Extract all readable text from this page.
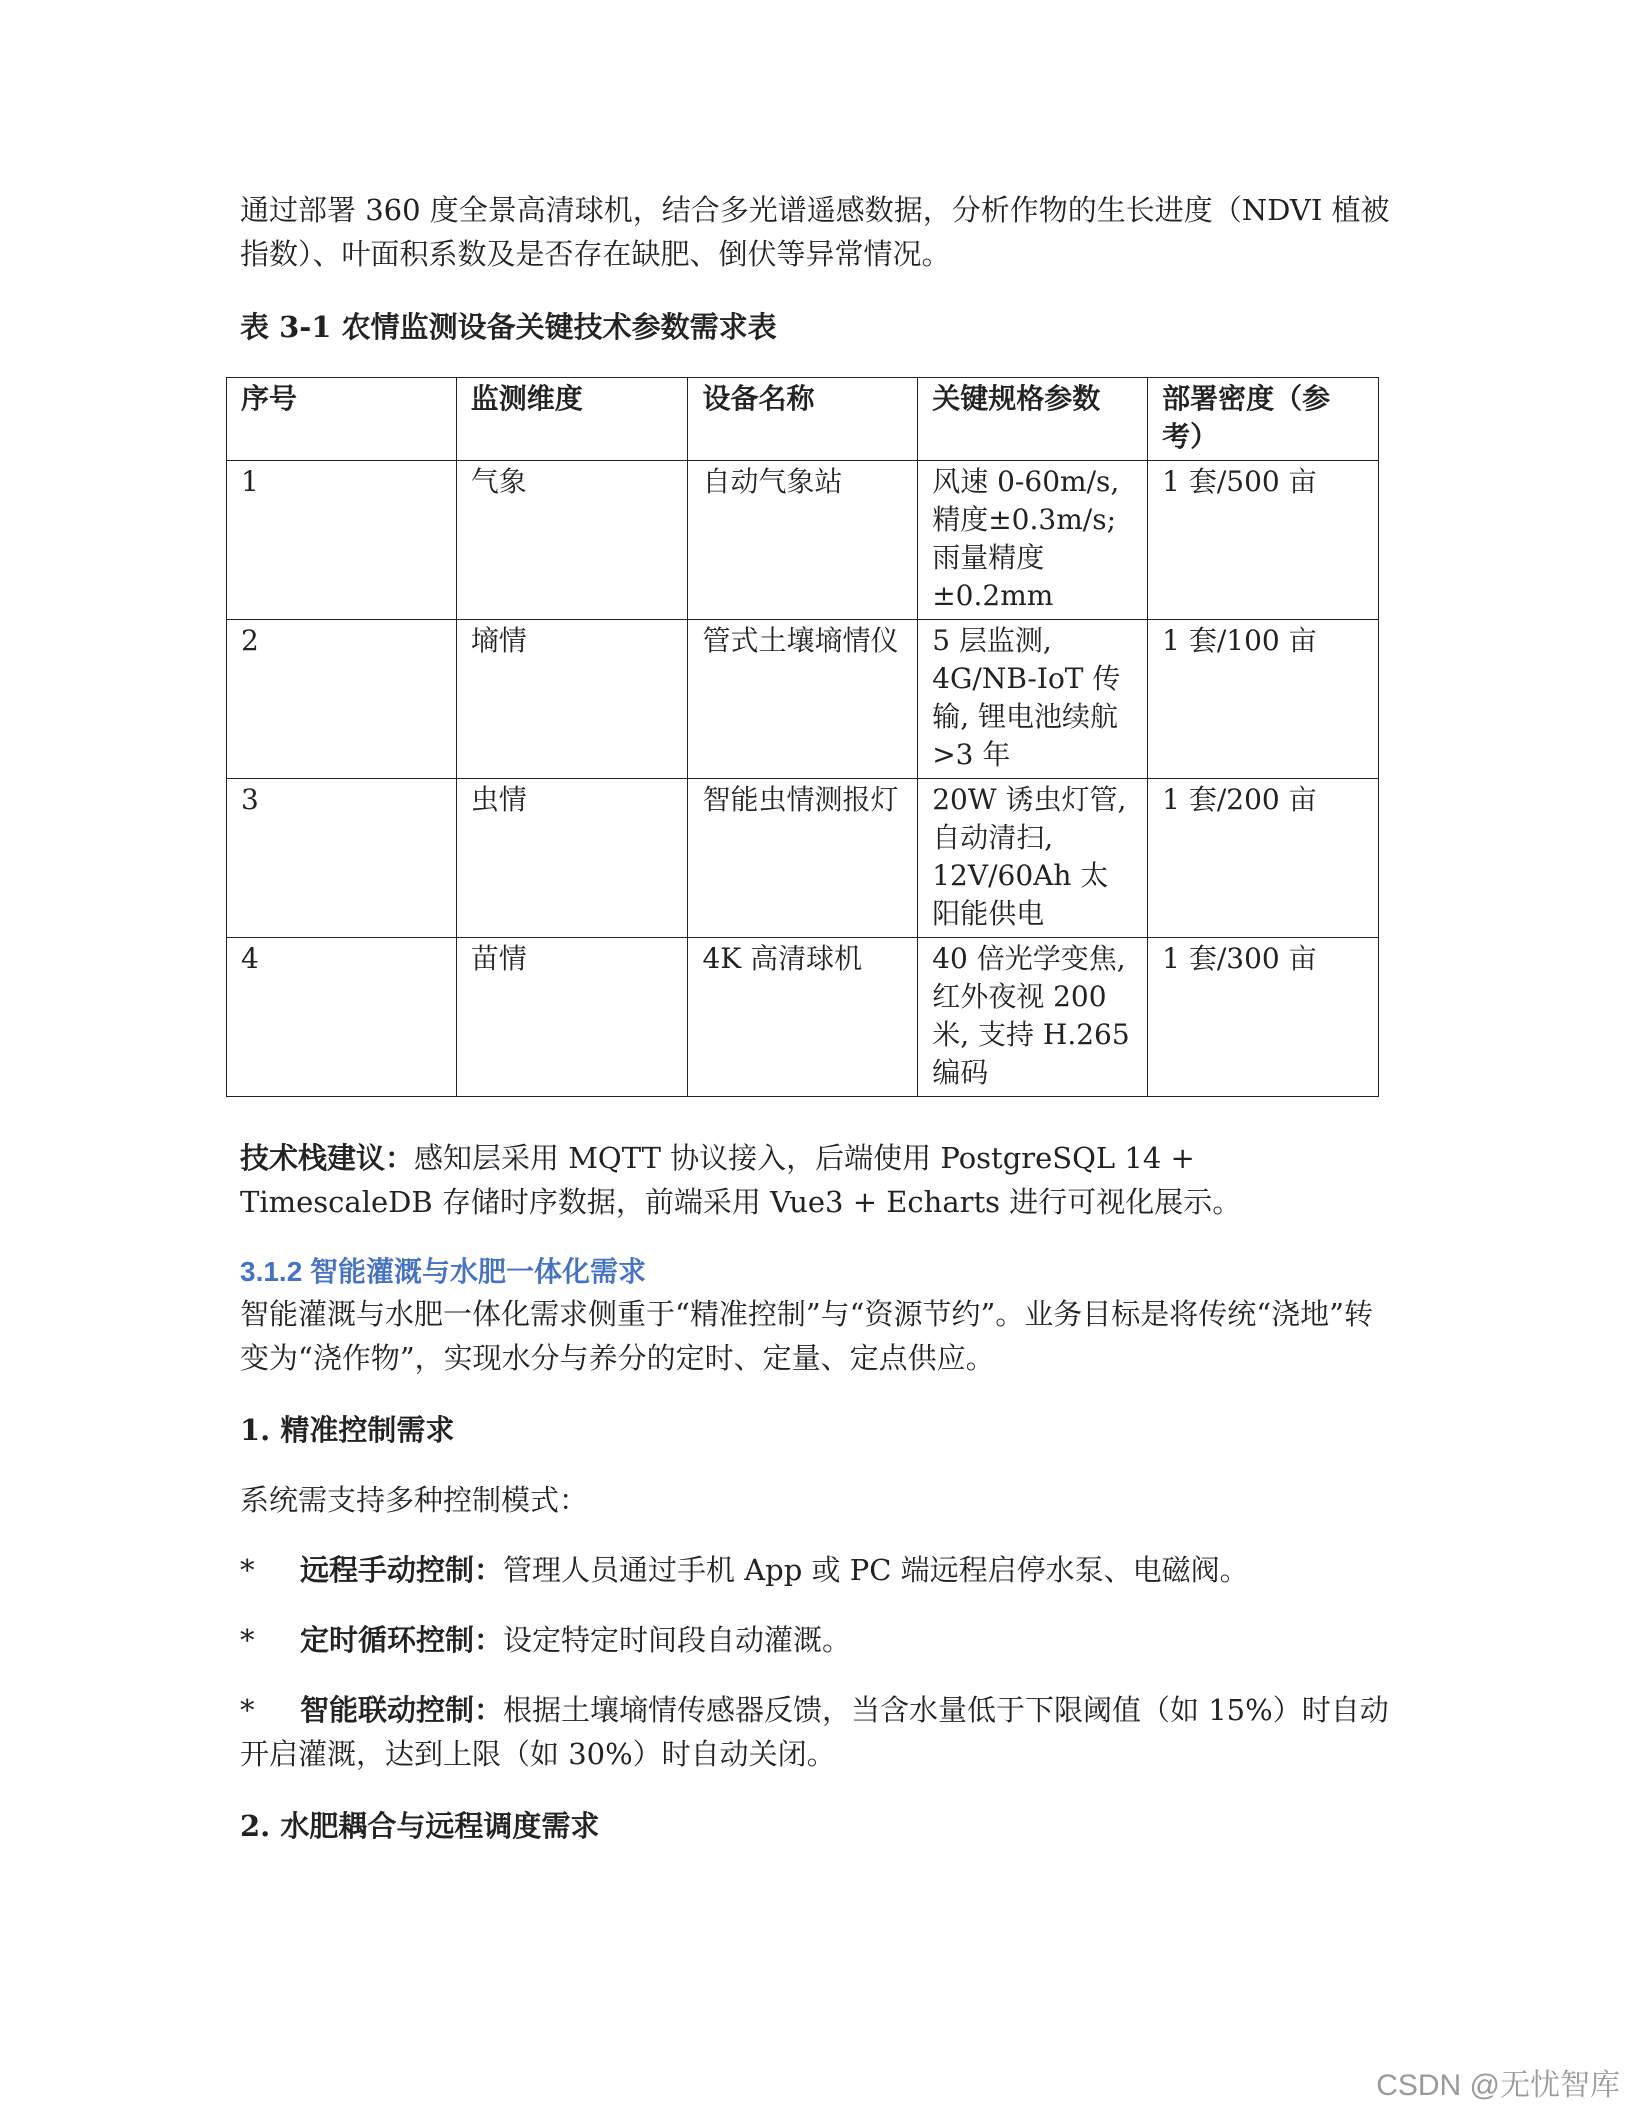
通过部署 360 度全景高清球机，结合多光谱遥感数据，分析作物的生长进度（NDVI 植被指数）、叶面积系数及是否存在缺肥、倒伏等异常情况。

表 3-1 农情监测设备关键技术参数需求表

序号	监测维度	设备名称	关键规格参数	部署密度（参考）
1	气象	自动气象站	风速 0-60m/s, 精度±0.3m/s; 雨量精度±0.2mm	1 套/500 亩
2	墒情	管式土壤墒情仪	5 层监测, 4G/NB-IoT 传输, 锂电池续航>3 年	1 套/100 亩
3	虫情	智能虫情测报灯	20W 诱虫灯管, 自动清扫, 12V/60Ah 太阳能供电	1 套/200 亩
4	苗情	4K 高清球机	40 倍光学变焦, 红外夜视 200 米, 支持 H.265 编码	1 套/300 亩

技术栈建议：感知层采用 MQTT 协议接入，后端使用 PostgreSQL 14 + TimescaleDB 存储时序数据，前端采用 Vue3 + Echarts 进行可视化展示。

3.1.2 智能灌溉与水肥一体化需求

智能灌溉与水肥一体化需求侧重于“精准控制”与“资源节约”。业务目标是将传统“浇地”转变为“浇作物”，实现水分与养分的定时、定量、定点供应。

1. 精准控制需求

系统需支持多种控制模式：

* 远程手动控制：管理人员通过手机 App 或 PC 端远程启停水泵、电磁阀。

* 定时循环控制：设定特定时间段自动灌溉。

* 智能联动控制：根据土壤墒情传感器反馈，当含水量低于下限阈值（如 15%）时自动开启灌溉，达到上限（如 30%）时自动关闭。

2. 水肥耦合与远程调度需求

CSDN @无忧智库
